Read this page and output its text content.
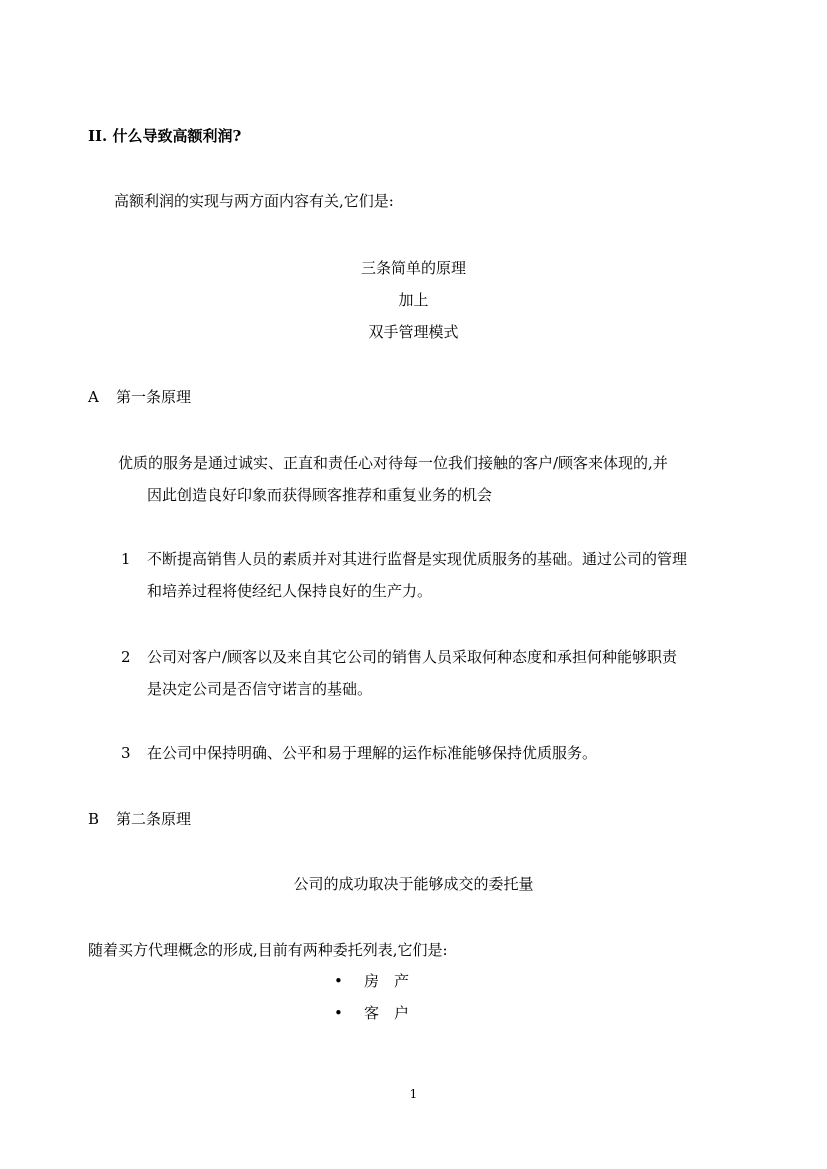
II. 什么导致高额利润?
高额利润的实现与两方面内容有关,它们是:
三条简单的原理
加上
双手管理模式
A 第一条原理
优质的服务是通过诚实、正直和责任心对待每一位我们接触的客户/顾客来体现的,并
因此创造良好印象而获得顾客推荐和重复业务的机会
1 不断提高销售人员的素质并对其进行监督是实现优质服务的基础。通过公司的管理
和培养过程将使经纪人保持良好的生产力。
2 公司对客户/顾客以及来自其它公司的销售人员采取何种态度和承担何种能够职责
是决定公司是否信守诺言的基础。
3 在公司中保持明确、公平和易于理解的运作标准能够保持优质服务。
B 第二条原理
公司的成功取决于能够成交的委托量
随着买方代理概念的形成,目前有两种委托列表,它们是:
• 房　产
• 客　户
1
